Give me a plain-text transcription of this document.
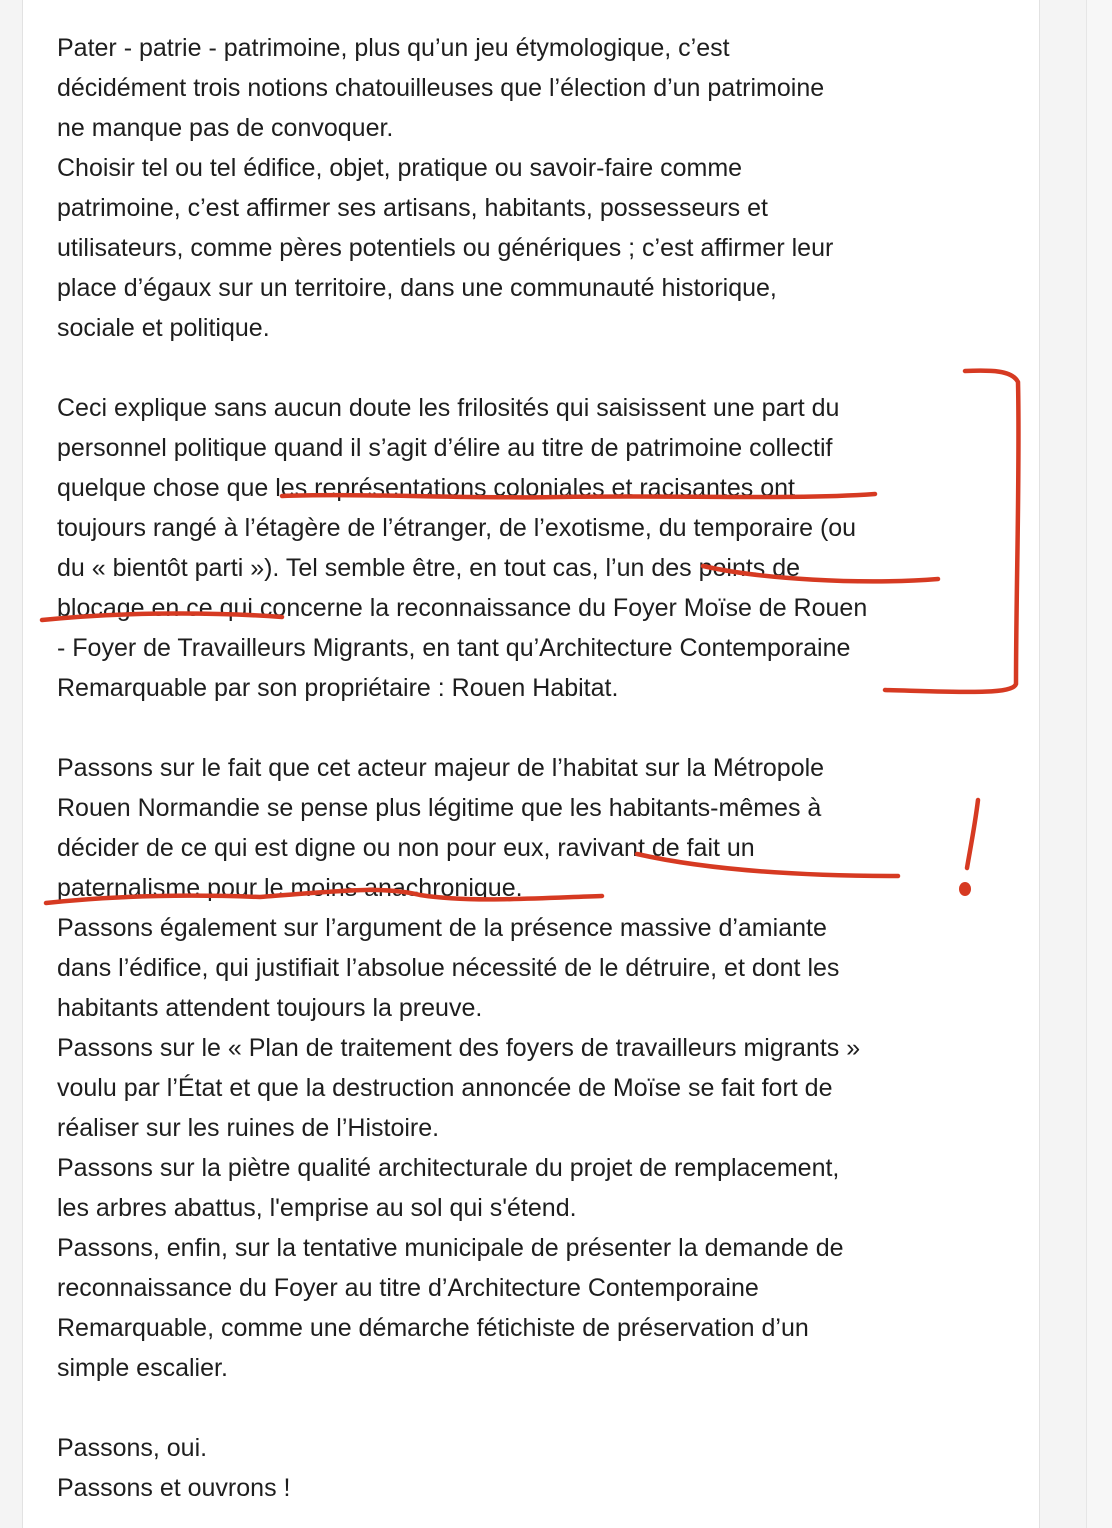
Pater - patrie - patrimoine, plus qu’un jeu étymologique, c’est
décidément trois notions chatouilleuses que l’élection d’un patrimoine
ne manque pas de convoquer.
Choisir tel ou tel édifice, objet, pratique ou savoir-faire comme
patrimoine, c’est affirmer ses artisans, habitants, possesseurs et
utilisateurs, comme pères potentiels ou génériques ; c’est affirmer leur
place d’égaux sur un territoire, dans une communauté historique,
sociale et politique.
Ceci explique sans aucun doute les frilosités qui saisissent une part du
personnel politique quand il s’agit d’élire au titre de patrimoine collectif
quelque chose que les représentations coloniales et racisantes ont
toujours rangé à l’étagère de l’étranger, de l’exotisme, du temporaire (ou
du « bientôt parti »). Tel semble être, en tout cas, l’un des points de
blocage en ce qui concerne la reconnaissance du Foyer Moïse de Rouen
- Foyer de Travailleurs Migrants, en tant qu’Architecture Contemporaine
Remarquable par son propriétaire : Rouen Habitat.
Passons sur le fait que cet acteur majeur de l’habitat sur la Métropole
Rouen Normandie se pense plus légitime que les habitants-mêmes à
décider de ce qui est digne ou non pour eux, ravivant de fait un
paternalisme pour le moins anachronique.
Passons également sur l’argument de la présence massive d’amiante
dans l’édifice, qui justifiait l’absolue nécessité de le détruire, et dont les
habitants attendent toujours la preuve.
Passons sur le « Plan de traitement des foyers de travailleurs migrants »
voulu par l’État et que la destruction annoncée de Moïse se fait fort de
réaliser sur les ruines de l’Histoire.
Passons sur la piètre qualité architecturale du projet de remplacement,
les arbres abattus, l'emprise au sol qui s'étend.
Passons, enfin, sur la tentative municipale de présenter la demande de
reconnaissance du Foyer au titre d’Architecture Contemporaine
Remarquable, comme une démarche fétichiste de préservation d’un
simple escalier.
Passons, oui.
Passons et ouvrons !
